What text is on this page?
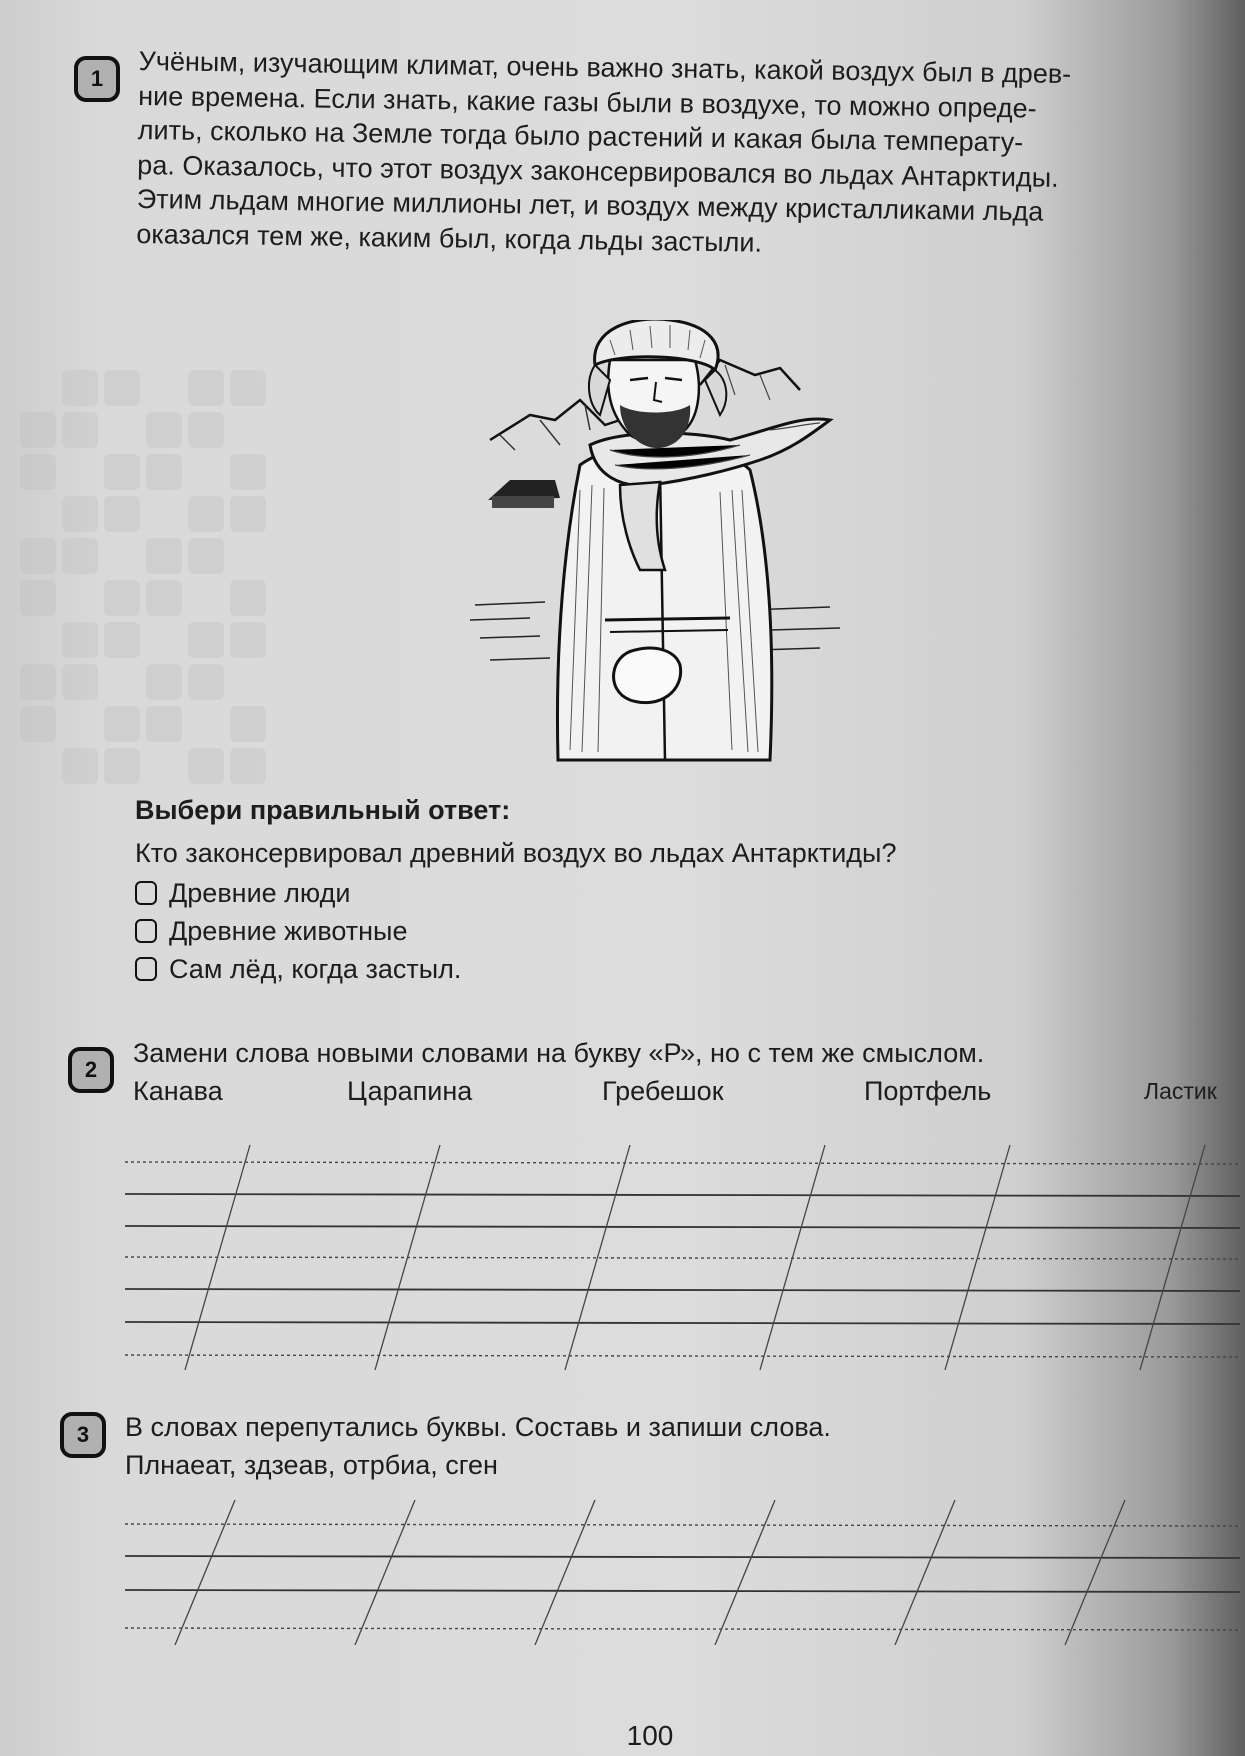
1 Учёным, изучающим климат, очень важно знать, какой воздух был в древ-
ние времена. Если знать, какие газы были в воздухе, то можно опреде-
лить, сколько на Земле тогда было растений и какая была температу-
ра. Оказалось, что этот воздух законсервировался во льдах Антарктиды.
Этим льдам многие миллионы лет, и воздух между кристалликами льда
оказался тем же, каким был, когда льды застыли.
Выбери правильный ответ:
Кто законсервировал древний воздух во льдах Антарктиды?
Древние люди
Древние животные
Сам лёд, когда застыл.
2
Замени слова новыми словами на букву «Р», но с тем же смыслом.
Канава	Царапина	Гребешок	Портфель	Ластик
3 В словах перепутались буквы. Составь и запиши слова.
Плнаеат, здзеав, отрбиа, сген
100
